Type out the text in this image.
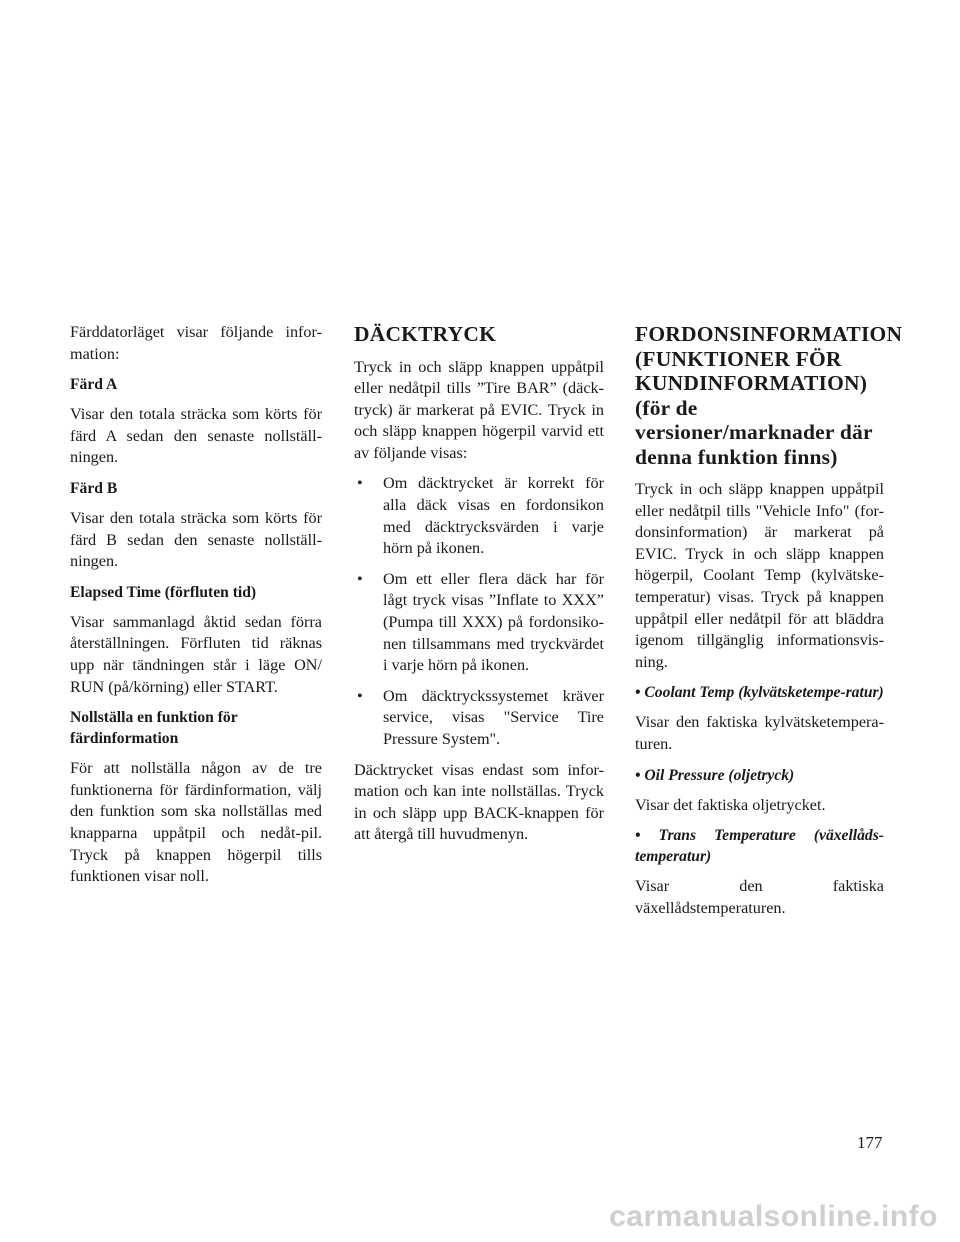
Färddatorläget visar följande infor-mation:

Färd A

Visar den totala sträcka som körts för färd A sedan den senaste nollställ-ningen.

Färd B

Visar den totala sträcka som körts för färd B sedan den senaste nollställ-ningen.

Elapsed Time (förfluten tid)

Visar sammanlagd åktid sedan förra återställningen. Förfluten tid räknas upp när tändningen står i läge ON/ RUN (på/körning) eller START.

Nollställa en funktion för färdinformation

För att nollställa någon av de tre funktionerna för färdinformation, välj den funktion som ska nollställas med knapparna uppåtpil och nedåt-pil. Tryck på knappen högerpil tills funktionen visar noll.

DÄCKTRYCK

Tryck in och släpp knappen uppåtpil eller nedåtpil tills ”Tire BAR” (däck-tryck) är markerat på EVIC. Tryck in och släpp knappen högerpil varvid ett av följande visas:

• Om däcktrycket är korrekt för alla däck visas en fordonsikon med däcktrycksvärden i varje hörn på ikonen.
• Om ett eller flera däck har för lågt tryck visas ”Inflate to XXX” (Pumpa till XXX) på fordonsiko-nen tillsammans med tryckvärdet i varje hörn på ikonen.
• Om däcktryckssystemet kräver service, visas "Service Tire Pressure System".

Däcktrycket visas endast som infor-mation och kan inte nollställas. Tryck in och släpp upp BACK-knappen för att återgå till huvudmenyn.

FORDONSINFORMATION (FUNKTIONER FÖR KUNDINFORMATION) (för de versioner/marknader där denna funktion finns)

Tryck in och släpp knappen uppåtpil eller nedåtpil tills "Vehicle Info" (for-donsinformation) är markerat på EVIC. Tryck in och släpp knappen högerpil, Coolant Temp (kylvätske-temperatur) visas. Tryck på knappen uppåtpil eller nedåtpil för att bläddra igenom tillgänglig informationsvis-ning.

• Coolant Temp (kylvätsketempe-ratur)

Visar den faktiska kylvätsketempera-turen.

• Oil Pressure (oljetryck)

Visar det faktiska oljetrycket.

• Trans Temperature (växellåds-temperatur)

Visar den faktiska växellådstemperaturen.

177
carmanualsonline.info
